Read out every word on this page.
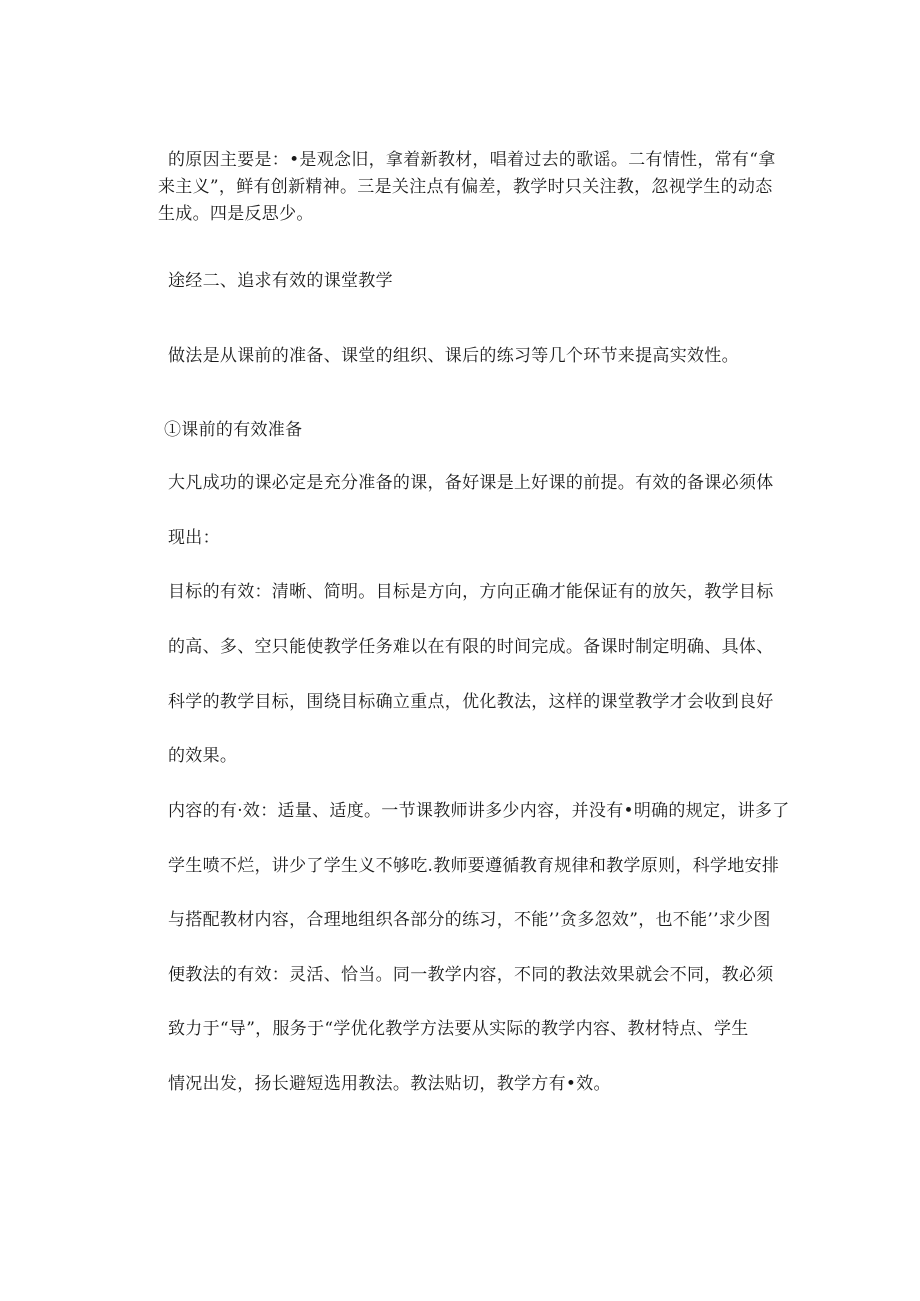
的原因主要是：•是观念旧，拿着新教材，唱着过去的歌谣。二有情性，常有“拿
来主义”，鲜有创新精神。三是关注点有偏差，教学时只关注教，忽视学生的动态
生成。四是反思少。
途经二、追求有效的课堂教学
做法是从课前的准备、课堂的组织、课后的练习等几个环节来提高实效性。
①课前的有效准备
大凡成功的课必定是充分准备的课，备好课是上好课的前提。有效的备课必须体
现出：
目标的有效：清晰、简明。目标是方向，方向正确才能保证有的放矢，教学目标
的高、多、空只能使教学任务难以在有限的时间完成。备课时制定明确、具体、
科学的教学目标，围绕目标确立重点，优化教法，这样的课堂教学才会收到良好
的效果。
内容的有·效：适量、适度。一节课教师讲多少内容，并没有•明确的规定，讲多了
学生喷不烂，讲少了学生义不够吃.教师要遵循教育规律和教学原则，科学地安排
与搭配教材内容，合理地组织各部分的练习，不能’’贪多忽效”，也不能’’求少图
便教法的有效：灵活、恰当。同一教学内容，不同的教法效果就会不同，教必须
致力于“导”，服务于“学优化教学方法要从实际的教学内容、教材特点、学生
情况出发，扬长避短选用教法。教法贴切，教学方有•效。
